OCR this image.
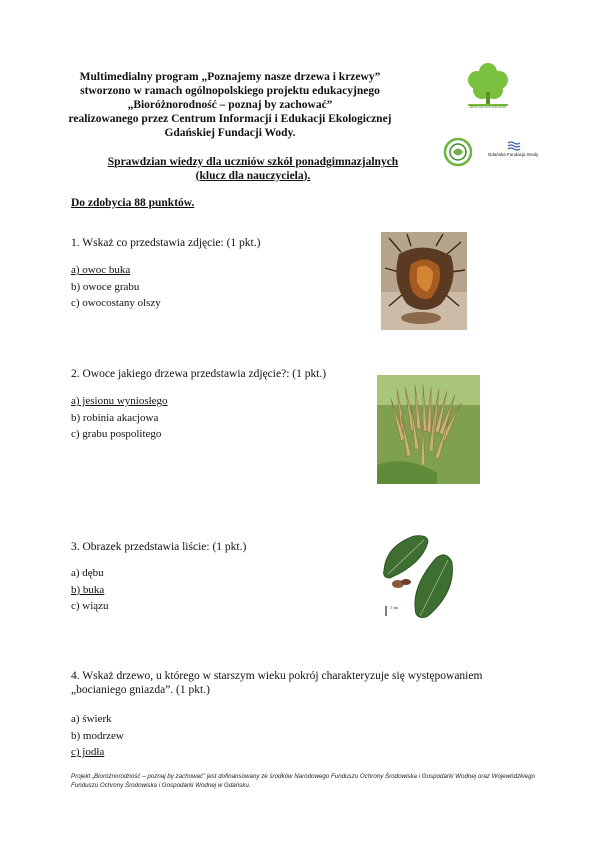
Multimedialny program „Poznajemy nasze drzewa i krzewy”
stworzono w ramach ogólnopolskiego projektu edukacyjnego
„Bioróżnorodność – poznaj by zachować”
realizowanego przez Centrum Informacji i Edukacji Ekologicznej
Gdańskiej Fundacji Wody.
bioróżnorodność
Gdańska Fundacja Wody
Sprawdzian wiedzy dla uczniów szkół ponadgimnazjalnych
(klucz dla nauczyciela).
Do zdobycia 88 punktów.
1. Wskaż co przedstawia zdjęcie: (1 pkt.)
a) owoc buka
b) owoce grabu
c) owocostany olszy
2. Owoce jakiego drzewa przedstawia zdjęcie?: (1 pkt.)
a) jesionu wyniosłego
b) robinia akacjowa
c) grabu pospolitego
3. Obrazek przedstawia liście: (1 pkt.)
a) dębu
b) buka
c) wiązu	1 cm
4. Wskaż drzewo, u którego w starszym wieku pokrój charakteryzuje się występowaniem „bocianiego gniazda”. (1 pkt.)
a) świerk
b) modrzew
c) jodła
Projekt „Bioróżnorodność – poznaj by zachować” jest dofinansowany ze środków Narodowego Funduszu Ochrony Środowiska i Gospodarki Wodnej oraz Wojewódzkiego Funduszu Ochrony Środowiska i Gospodarki Wodnej w Gdańsku.
